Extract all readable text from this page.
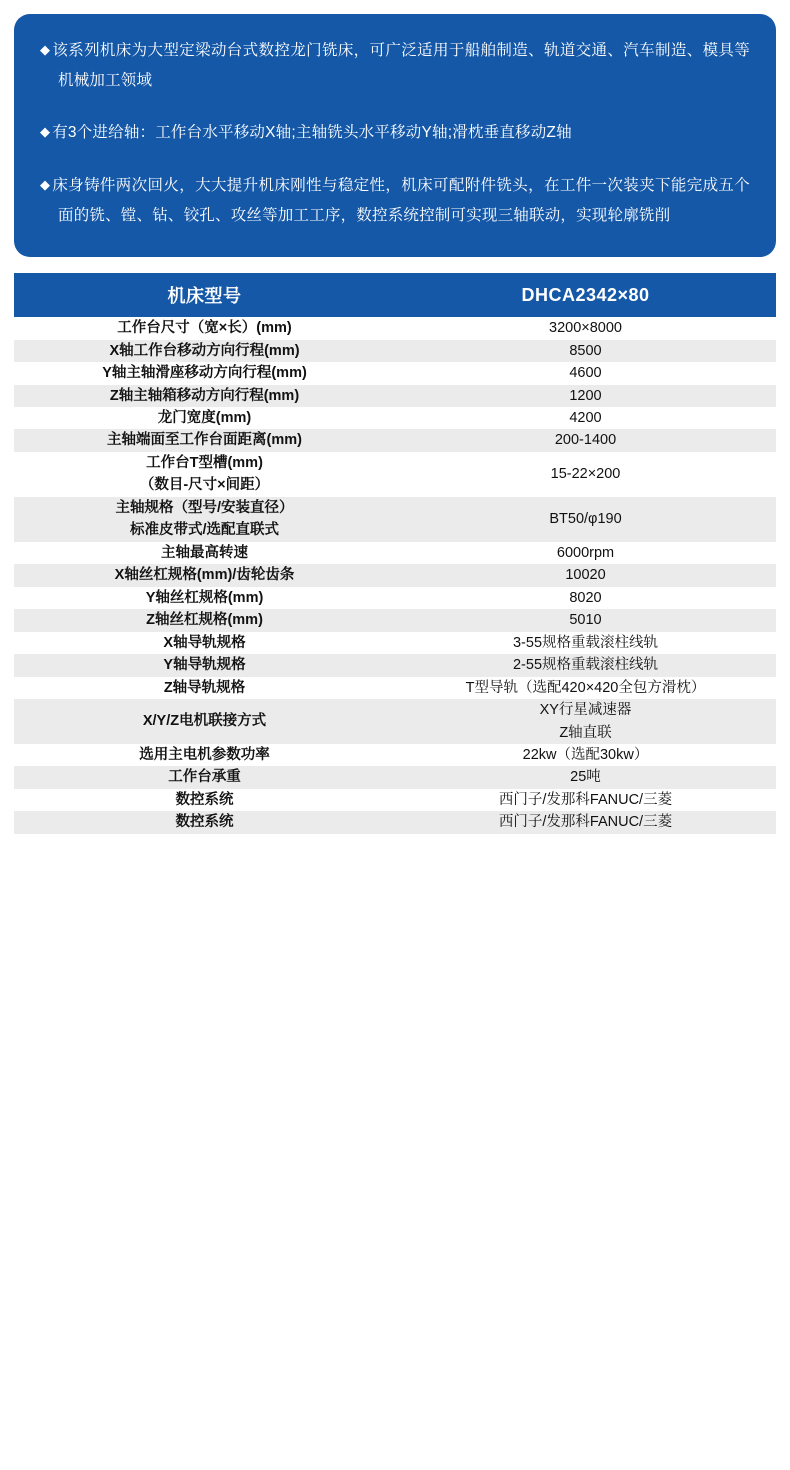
◆ 该系列机床为大型定梁动台式数控龙门铣床，可广泛适用于船舶制造、轨道交通、汽车制造、模具等机械加工领域

◆ 有3个进给轴：工作台水平移动X轴;主轴铣头水平移动Y轴;滑枕垂直移动Z轴

◆ 床身铸件两次回火，大大提升机床刚性与稳定性，机床可配附件铣头，在工件一次装夹下能完成五个面的铣、镗、钻、铰孔、攻丝等加工工序，数控系统控制可实现三轴联动，实现轮廓铣削

机床型号	DHCA2342×80
工作台尺寸（宽×长）(mm)	3200×8000
X轴工作台移动方向行程(mm)	8500
Y轴主轴滑座移动方向行程(mm)	4600
Z轴主轴箱移动方向行程(mm)	1200
龙门宽度(mm)	4200
主轴端面至工作台面距离(mm)	200-1400
工作台T型槽(mm)
（数目-尺寸×间距）	15-22×200
主轴规格（型号/安装直径）
标准皮带式/选配直联式	BT50/φ190
主轴最高转速	6000rpm
X轴丝杠规格(mm)/齿轮齿条	10020
Y轴丝杠规格(mm)	8020
Z轴丝杠规格(mm)	5010
X轴导轨规格	3-55规格重载滚柱线轨
Y轴导轨规格	2-55规格重载滚柱线轨
Z轴导轨规格	T型导轨（选配420×420全包方滑枕）
X/Y/Z电机联接方式	XY行星减速器
Z轴直联
选用主电机参数功率	22kw（选配30kw）
工作台承重	25吨
数控系统	西门子/发那科FANUC/三菱
数控系统	西门子/发那科FANUC/三菱
